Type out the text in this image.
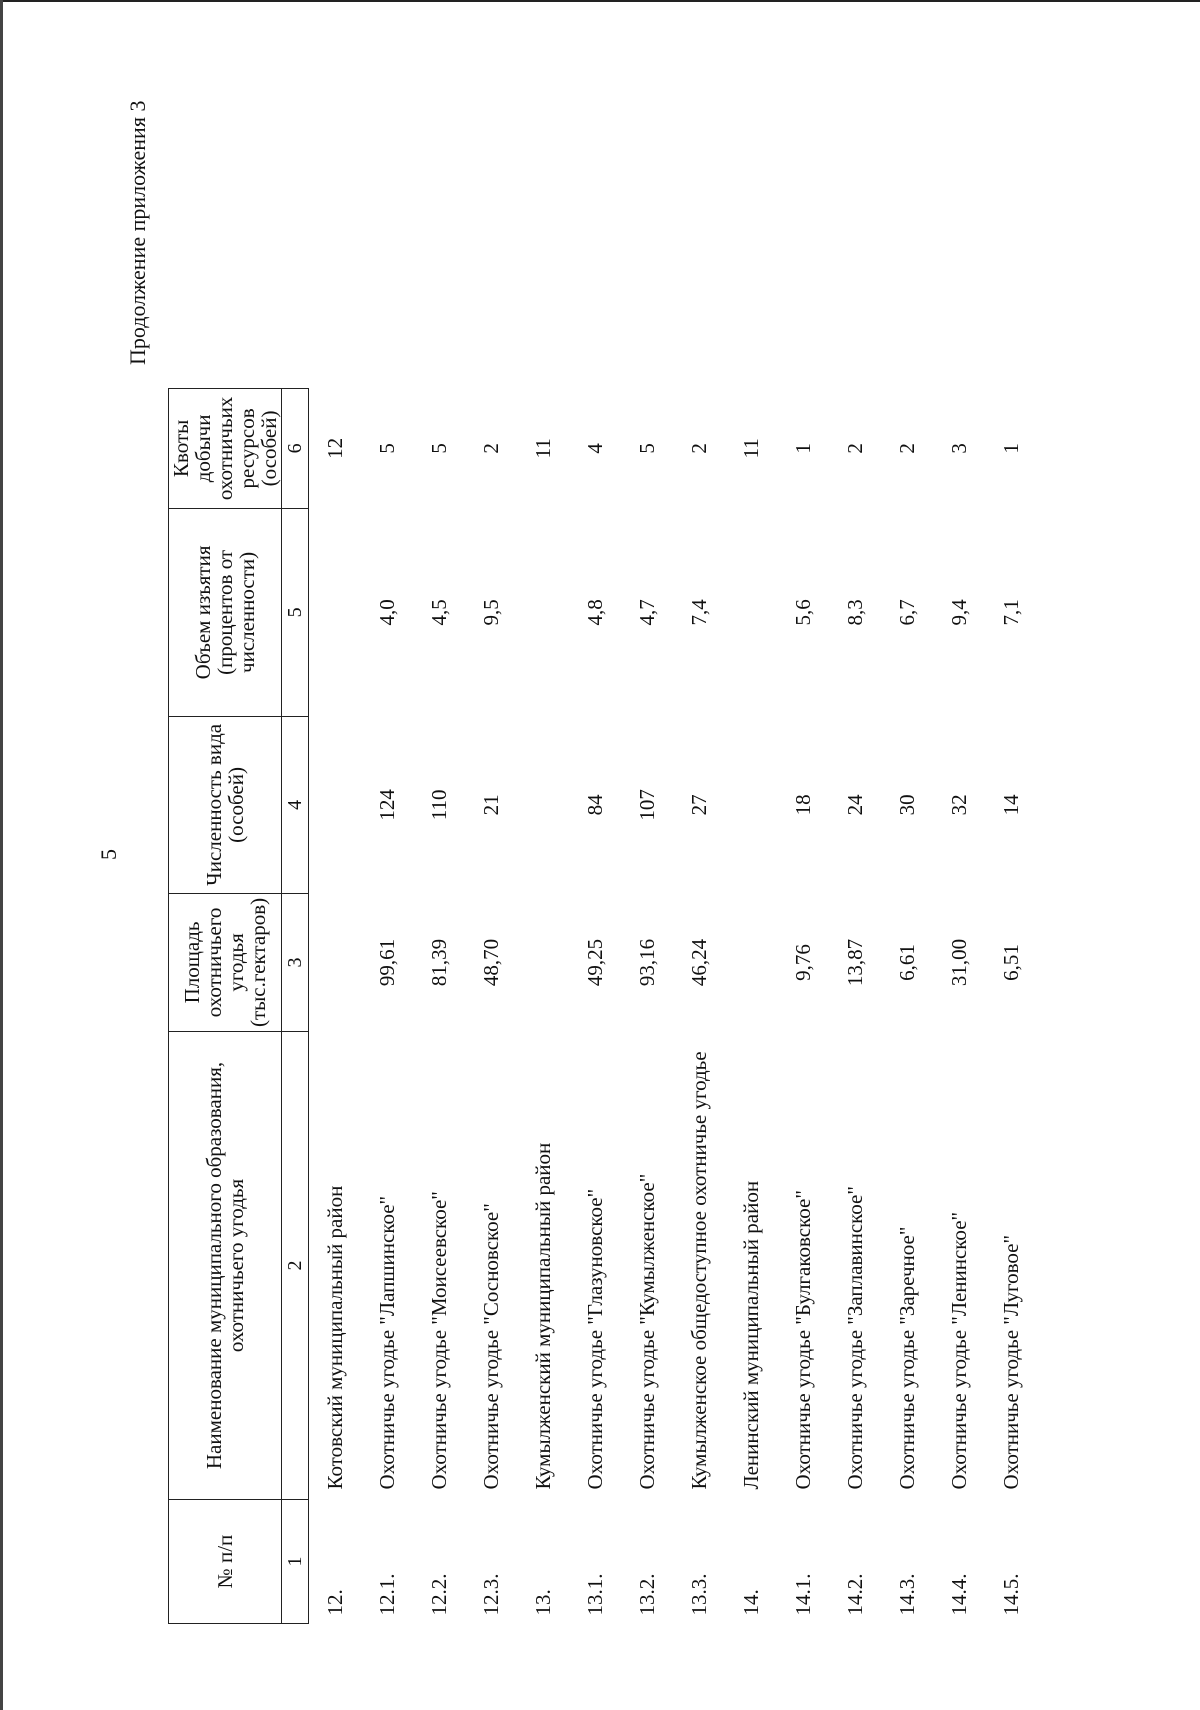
5
Продолжение приложения 3
№ п/п	Наименование муниципального образования, охотничьего угодья	Площадь охотничьего угодья (тыс.гектаров)	Численность вида (особей)	Объем изъятия (процентов от численности)	Квоты добычи охотничьих ресурсов (особей)
1	2	3	4	5	6
12.	Котовский муниципальный район				12
12.1.	Охотничье угодье "Лапшинское"	99,61	124	4,0	5
12.2.	Охотничье угодье "Моисеевское"	81,39	110	4,5	5
12.3.	Охотничье угодье "Сосновское"	48,70	21	9,5	2
13.	Кумылженский муниципальный район				11
13.1.	Охотничье угодье "Глазуновское"	49,25	84	4,8	4
13.2.	Охотничье угодье "Кумылженское"	93,16	107	4,7	5
13.3.	Кумылженское общедоступное охотничье угодье	46,24	27	7,4	2
14.	Ленинский муниципальный район				11
14.1.	Охотничье угодье "Булгаковское"	9,76	18	5,6	1
14.2.	Охотничье угодье "Заплавинское"	13,87	24	8,3	2
14.3.	Охотничье угодье "Заречное"	6,61	30	6,7	2
14.4.	Охотничье угодье "Ленинское"	31,00	32	9,4	3
14.5.	Охотничье угодье "Луговое"	6,51	14	7,1	1
